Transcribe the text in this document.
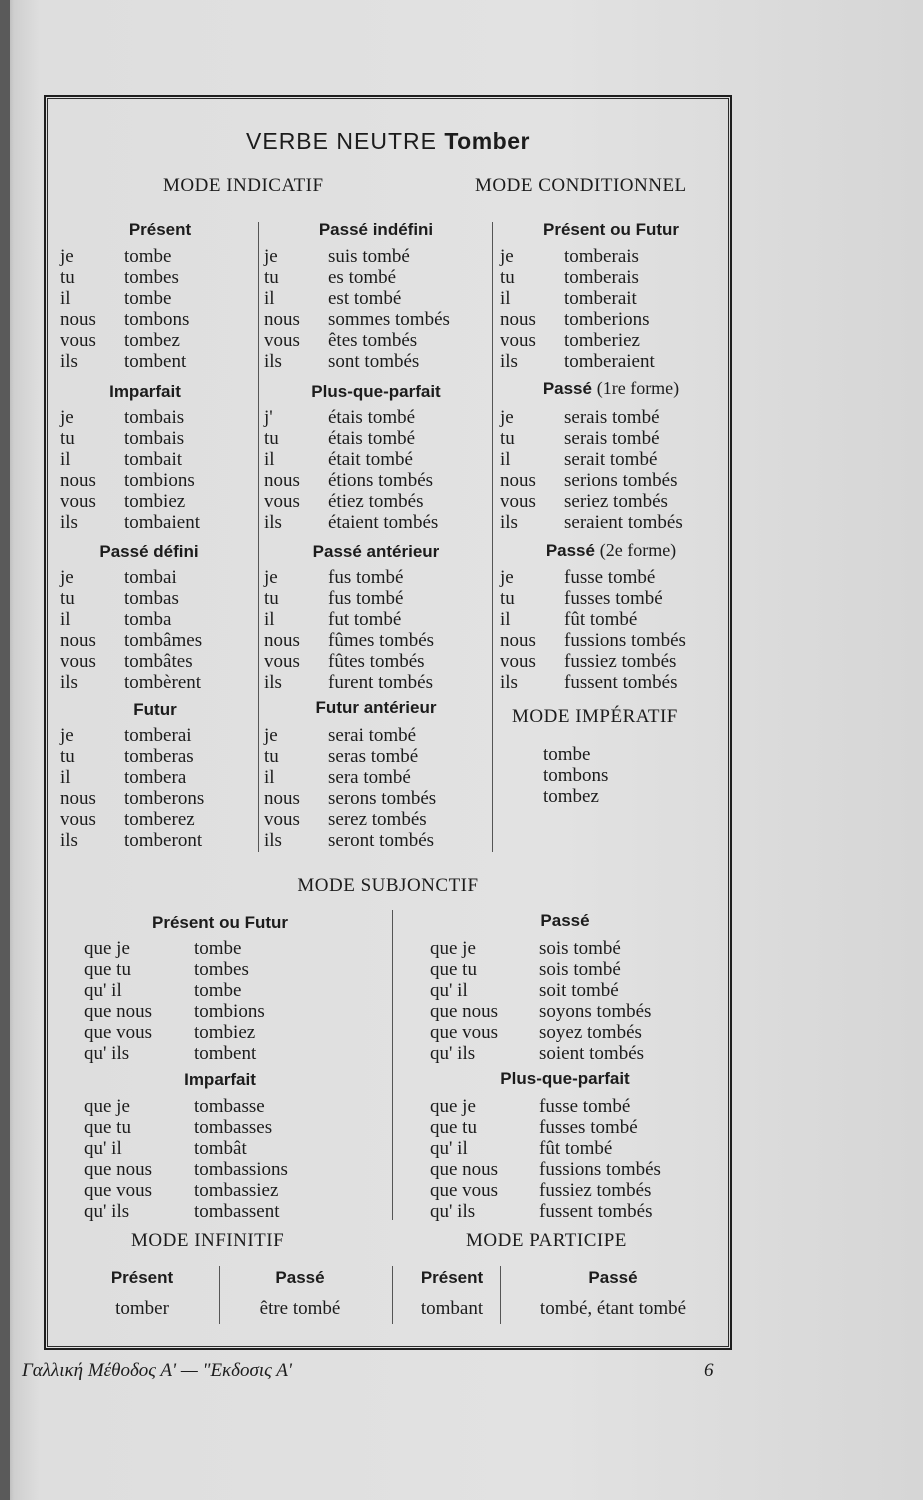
VERBE NEUTRE Tomber
MODE INDICATIF	MODE CONDITIONNEL
Présent
je	tombe
tu	tombes
il	tombe
nous tombons
vous tombez
ils tombent
Imparfait
je	tombais
tu	tombais
il	tombait
nous tombions
vous tombiez
ils tombaient
Passé défini
je	tombai
tu	tombas
il	tomba
nous tombâmes
vous tombâtes
ils tombèrent
Futur
je	tomberai
tu	tomberas
il	tombera
nous tomberons
vous tomberez
ils tomberont
Passé indéfini
je	suis tombé
tu	es tombé
il	est tombé
nous sommes tombés
vous êtes tombés
ils sont tombés
Plus-que-parfait
j'	étais tombé
tu	étais tombé
il	était tombé
nous étions tombés
vous étiez tombés
ils étaient tombés
Passé antérieur
je	fus tombé
tu	fus tombé
il	fut tombé
nous fûmes tombés
vous fûtes tombés
ils furent tombés
Futur antérieur
je	serai tombé
tu	seras tombé
il	sera tombé
nous serons tombés
vous serez tombés
ils seront tombés
Présent ou Futur
je	tomberais
tu	tomberais
il	tomberait
nous tomberions
vous tomberiez
ils tomberaient
Passé (1re forme)
je	serais tombé
tu	serais tombé
il	serait tombé
nous serions tombés
vous seriez tombés
ils seraient tombés
Passé (2e forme)
je	fusse tombé
tu	fusses tombé
il	fût tombé
nous fussions tombés
vous fussiez tombés
ils fussent tombés
MODE IMPÉRATIF
tombe
tombons
tombez
MODE SUBJONCTIF
Présent ou Futur
que je	tombe
que tu	tombes
qu' il	tombe
que nous tombions
que vous tombiez
qu' ils	tombent
Imparfait
que je	tombasse
que tu	tombasses
qu' il	tombât
que nous tombassions
que vous tombassiez
qu' ils	tombassent
Passé
que je	sois tombé
que tu	sois tombé
qu' il	soit tombé
que nous soyons tombés
que vous soyez tombés
qu' ils	soient tombés
Plus-que-parfait
que je	fusse tombé
que tu	fusses tombé
qu' il	fût tombé
que nous fussions tombés
que vous fussiez tombés
qu' ils	fussent tombés
MODE INFINITIF	MODE PARTICIPE
Présent
tomber
Passé
être tombé
Présent
tombant
Passé
tombé, étant tombé
Γαλλική Μέθοδος Α' — "Εκδοσις Α'	6
